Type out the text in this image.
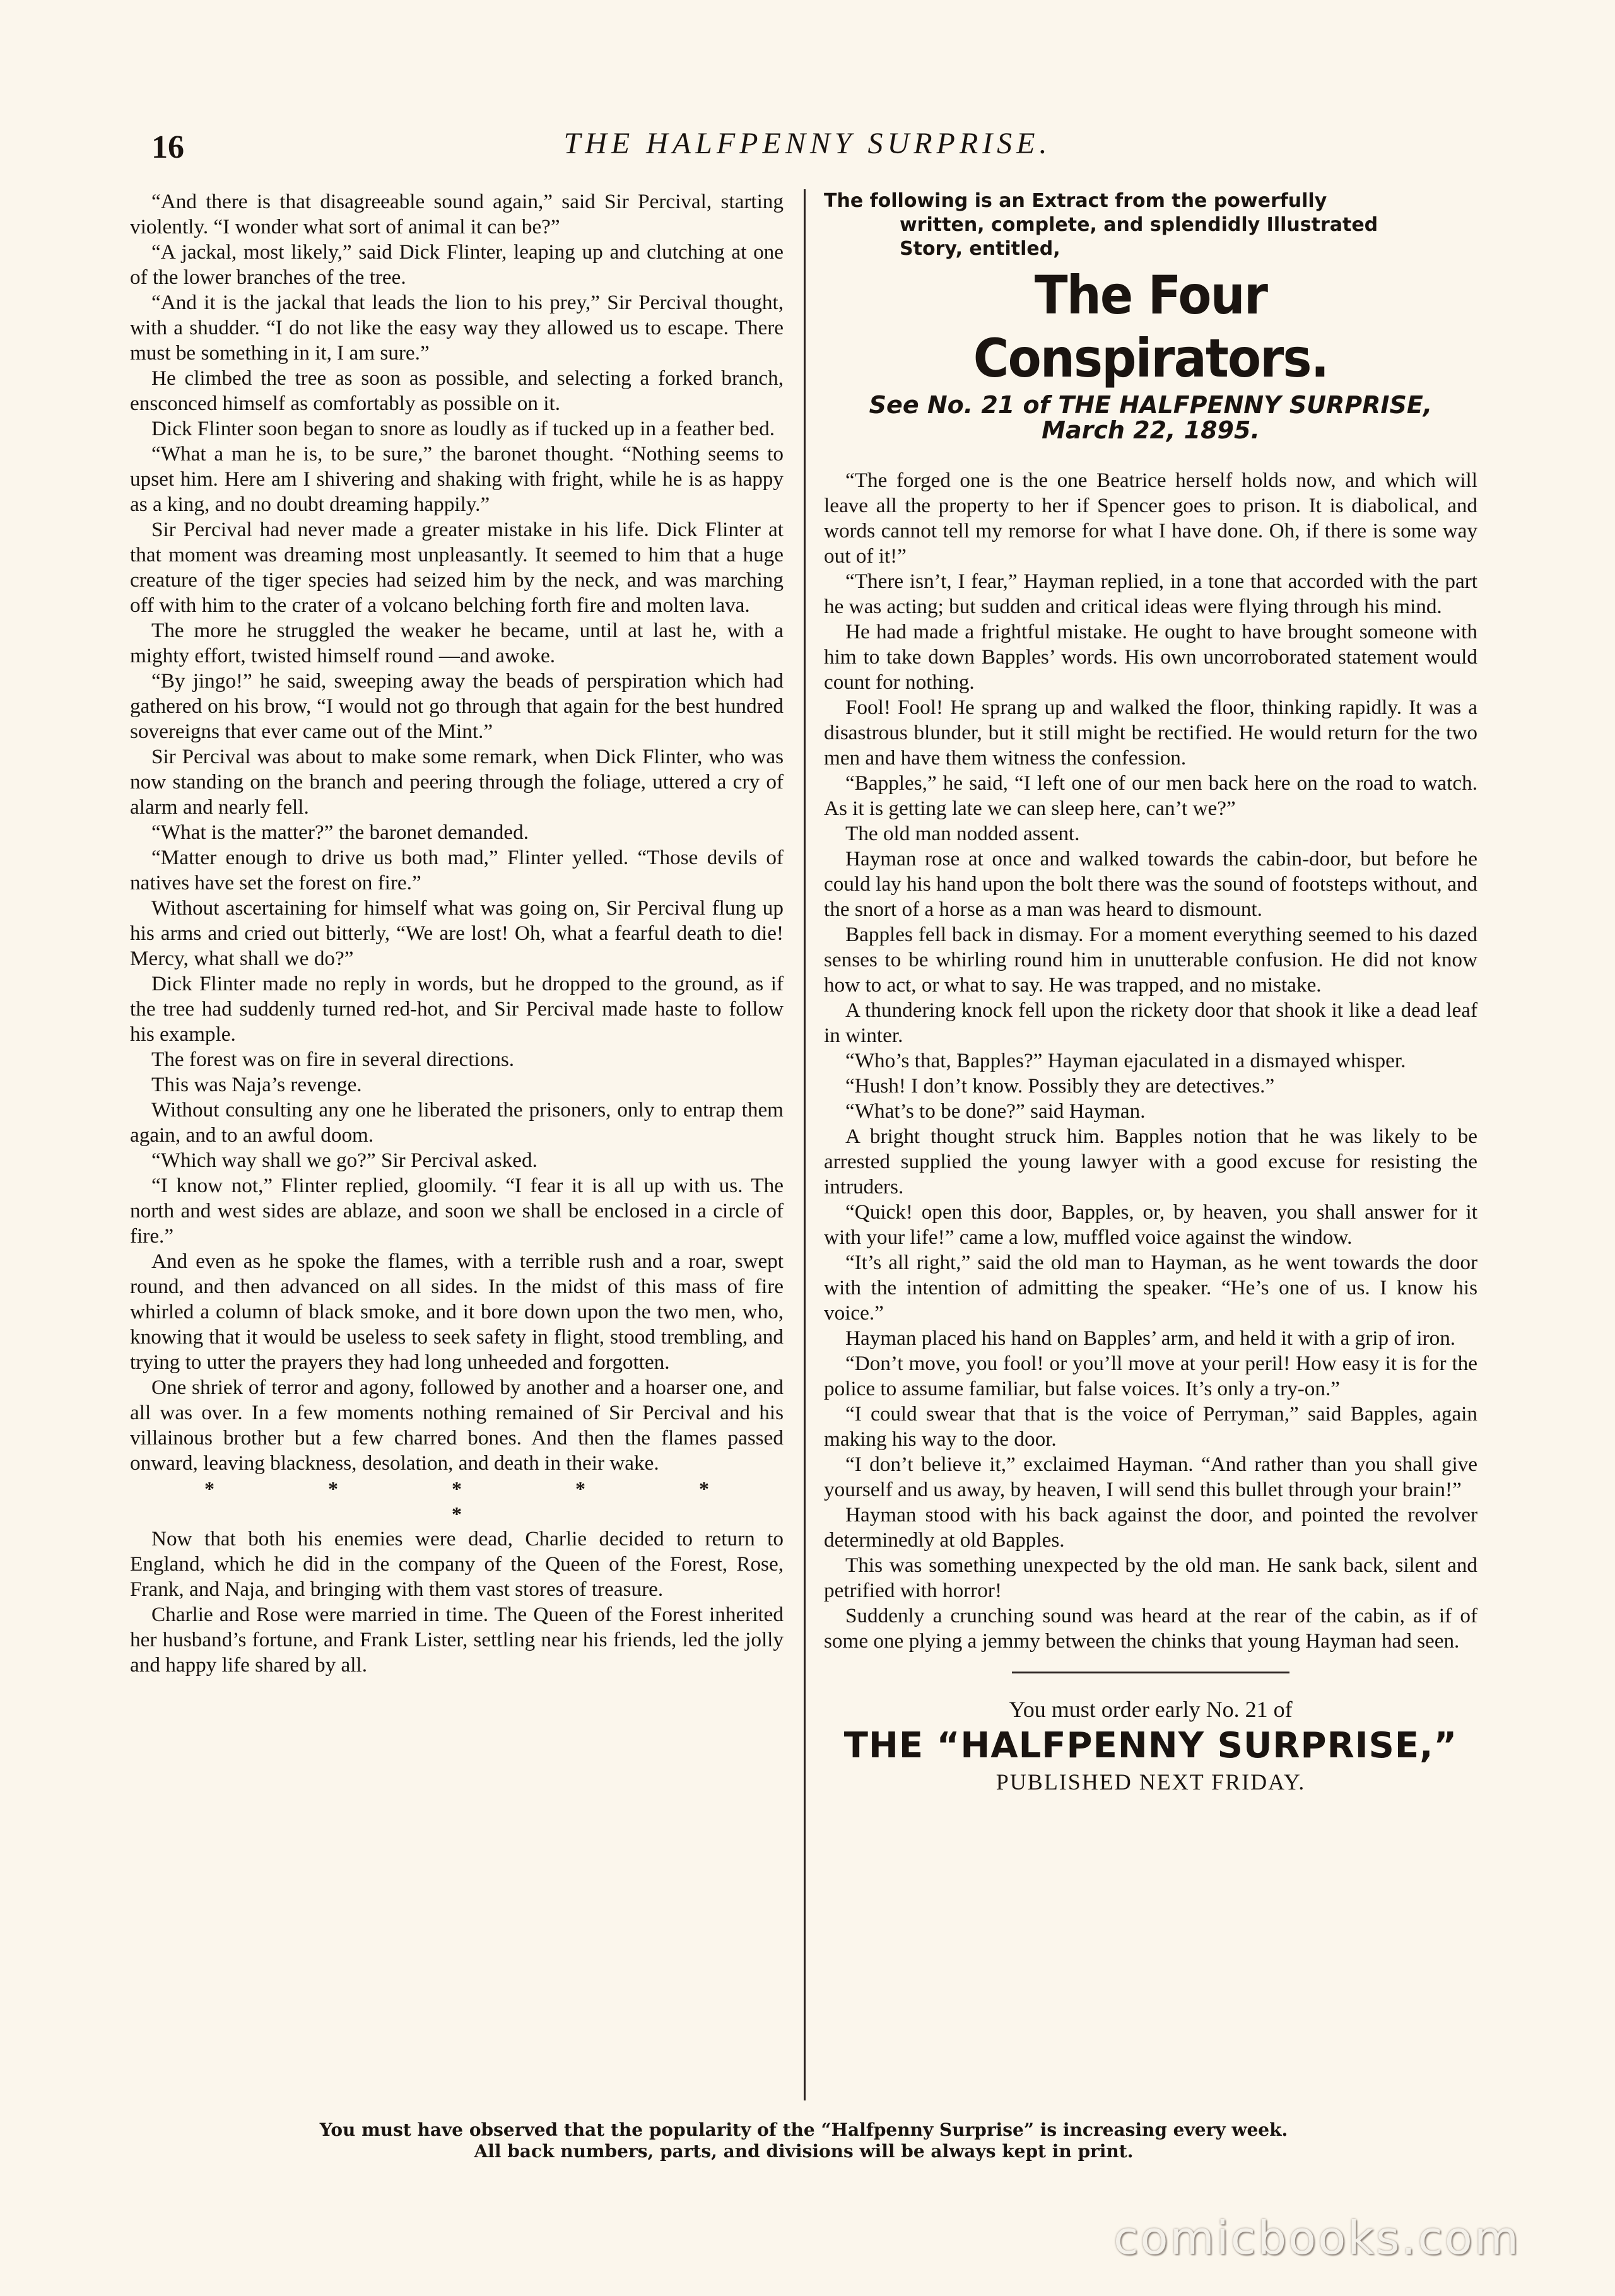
16	THE HALFPENNY SURPRISE.

“And there is that disagreeable sound again,” said Sir Percival, starting violently. “I wonder what sort of animal it can be?”

“A jackal, most likely,” said Dick Flinter, leaping up and clutching at one of the lower branches of the tree.

“And it is the jackal that leads the lion to his prey,” Sir Percival thought, with a shudder. “I do not like the easy way they allowed us to escape. There must be something in it, I am sure.”

He climbed the tree as soon as possible, and selecting a forked branch, ensconced himself as comfortably as possible on it.

Dick Flinter soon began to snore as loudly as if tucked up in a feather bed.

“What a man he is, to be sure,” the baronet thought. “Nothing seems to upset him. Here am I shivering and shaking with fright, while he is as happy as a king, and no doubt dreaming happily.”

Sir Percival had never made a greater mistake in his life. Dick Flinter at that moment was dreaming most unpleasantly. It seemed to him that a huge creature of the tiger species had seized him by the neck, and was marching off with him to the crater of a volcano belching forth fire and molten lava.

The more he struggled the weaker he became, until at last he, with a mighty effort, twisted himself round —and awoke.

“By jingo!” he said, sweeping away the beads of perspiration which had gathered on his brow, “I would not go through that again for the best hundred sovereigns that ever came out of the Mint.”

Sir Percival was about to make some remark, when Dick Flinter, who was now standing on the branch and peering through the foliage, uttered a cry of alarm and nearly fell.

“What is the matter?” the baronet demanded.

“Matter enough to drive us both mad,” Flinter yelled. “Those devils of natives have set the forest on fire.”

Without ascertaining for himself what was going on, Sir Percival flung up his arms and cried out bitterly, “We are lost! Oh, what a fearful death to die! Mercy, what shall we do?”

Dick Flinter made no reply in words, but he dropped to the ground, as if the tree had suddenly turned red-hot, and Sir Percival made haste to follow his example.

The forest was on fire in several directions.

This was Naja’s revenge.

Without consulting any one he liberated the prisoners, only to entrap them again, and to an awful doom.

“Which way shall we go?” Sir Percival asked.

“I know not,” Flinter replied, gloomily. “I fear it is all up with us. The north and west sides are ablaze, and soon we shall be enclosed in a circle of fire.”

And even as he spoke the flames, with a terrible rush and a roar, swept round, and then advanced on all sides. In the midst of this mass of fire whirled a column of black smoke, and it bore down upon the two men, who, knowing that it would be useless to seek safety in flight, stood trembling, and trying to utter the prayers they had long unheeded and forgotten.

One shriek of terror and agony, followed by another and a hoarser one, and all was over. In a few moments nothing remained of Sir Percival and his villainous brother but a few charred bones. And then the flames passed onward, leaving blackness, desolation, and death in their wake.

* * * * * *

Now that both his enemies were dead, Charlie decided to return to England, which he did in the company of the Queen of the Forest, Rose, Frank, and Naja, and bringing with them vast stores of treasure.

Charlie and Rose were married in time. The Queen of the Forest inherited her husband’s fortune, and Frank Lister, settling near his friends, led the jolly and happy life shared by all.

The following is an Extract from the powerfully
written, complete, and splendidly Illustrated
Story, entitled,
The Four Conspirators.
See No. 21 of THE HALFPENNY SURPRISE,
March 22, 1895.

“The forged one is the one Beatrice herself holds now, and which will leave all the property to her if Spencer goes to prison. It is diabolical, and words cannot tell my remorse for what I have done. Oh, if there is some way out of it!”

“There isn’t, I fear,” Hayman replied, in a tone that accorded with the part he was acting; but sudden and critical ideas were flying through his mind.

He had made a frightful mistake. He ought to have brought someone with him to take down Bapples’ words. His own uncorroborated statement would count for nothing.

Fool! Fool! He sprang up and walked the floor, thinking rapidly. It was a disastrous blunder, but it still might be rectified. He would return for the two men and have them witness the confession.

“Bapples,” he said, “I left one of our men back here on the road to watch. As it is getting late we can sleep here, can’t we?”

The old man nodded assent.

Hayman rose at once and walked towards the cabin-door, but before he could lay his hand upon the bolt there was the sound of footsteps without, and the snort of a horse as a man was heard to dismount.

Bapples fell back in dismay. For a moment everything seemed to his dazed senses to be whirling round him in unutterable confusion. He did not know how to act, or what to say. He was trapped, and no mistake.

A thundering knock fell upon the rickety door that shook it like a dead leaf in winter.

“Who’s that, Bapples?” Hayman ejaculated in a dismayed whisper.

“Hush! I don’t know. Possibly they are detectives.”

“What’s to be done?” said Hayman.

A bright thought struck him. Bapples notion that he was likely to be arrested supplied the young lawyer with a good excuse for resisting the intruders.

“Quick! open this door, Bapples, or, by heaven, you shall answer for it with your life!” came a low, muffled voice against the window.

“It’s all right,” said the old man to Hayman, as he went towards the door with the intention of admitting the speaker. “He’s one of us. I know his voice.”

Hayman placed his hand on Bapples’ arm, and held it with a grip of iron.

“Don’t move, you fool! or you’ll move at your peril! How easy it is for the police to assume familiar, but false voices. It’s only a try-on.”

“I could swear that that is the voice of Perryman,” said Bapples, again making his way to the door.

“I don’t believe it,” exclaimed Hayman. “And rather than you shall give yourself and us away, by heaven, I will send this bullet through your brain!”

Hayman stood with his back against the door, and pointed the revolver determinedly at old Bapples.

This was something unexpected by the old man. He sank back, silent and petrified with horror!

Suddenly a crunching sound was heard at the rear of the cabin, as if of some one plying a jemmy between the chinks that young Hayman had seen.

You must order early No. 21 of
THE “HALFPENNY SURPRISE,”
PUBLISHED NEXT FRIDAY.
You must have observed that the popularity of the “Halfpenny Surprise” is increasing every week.
All back numbers, parts, and divisions will be always kept in print.
comicbooks.com
